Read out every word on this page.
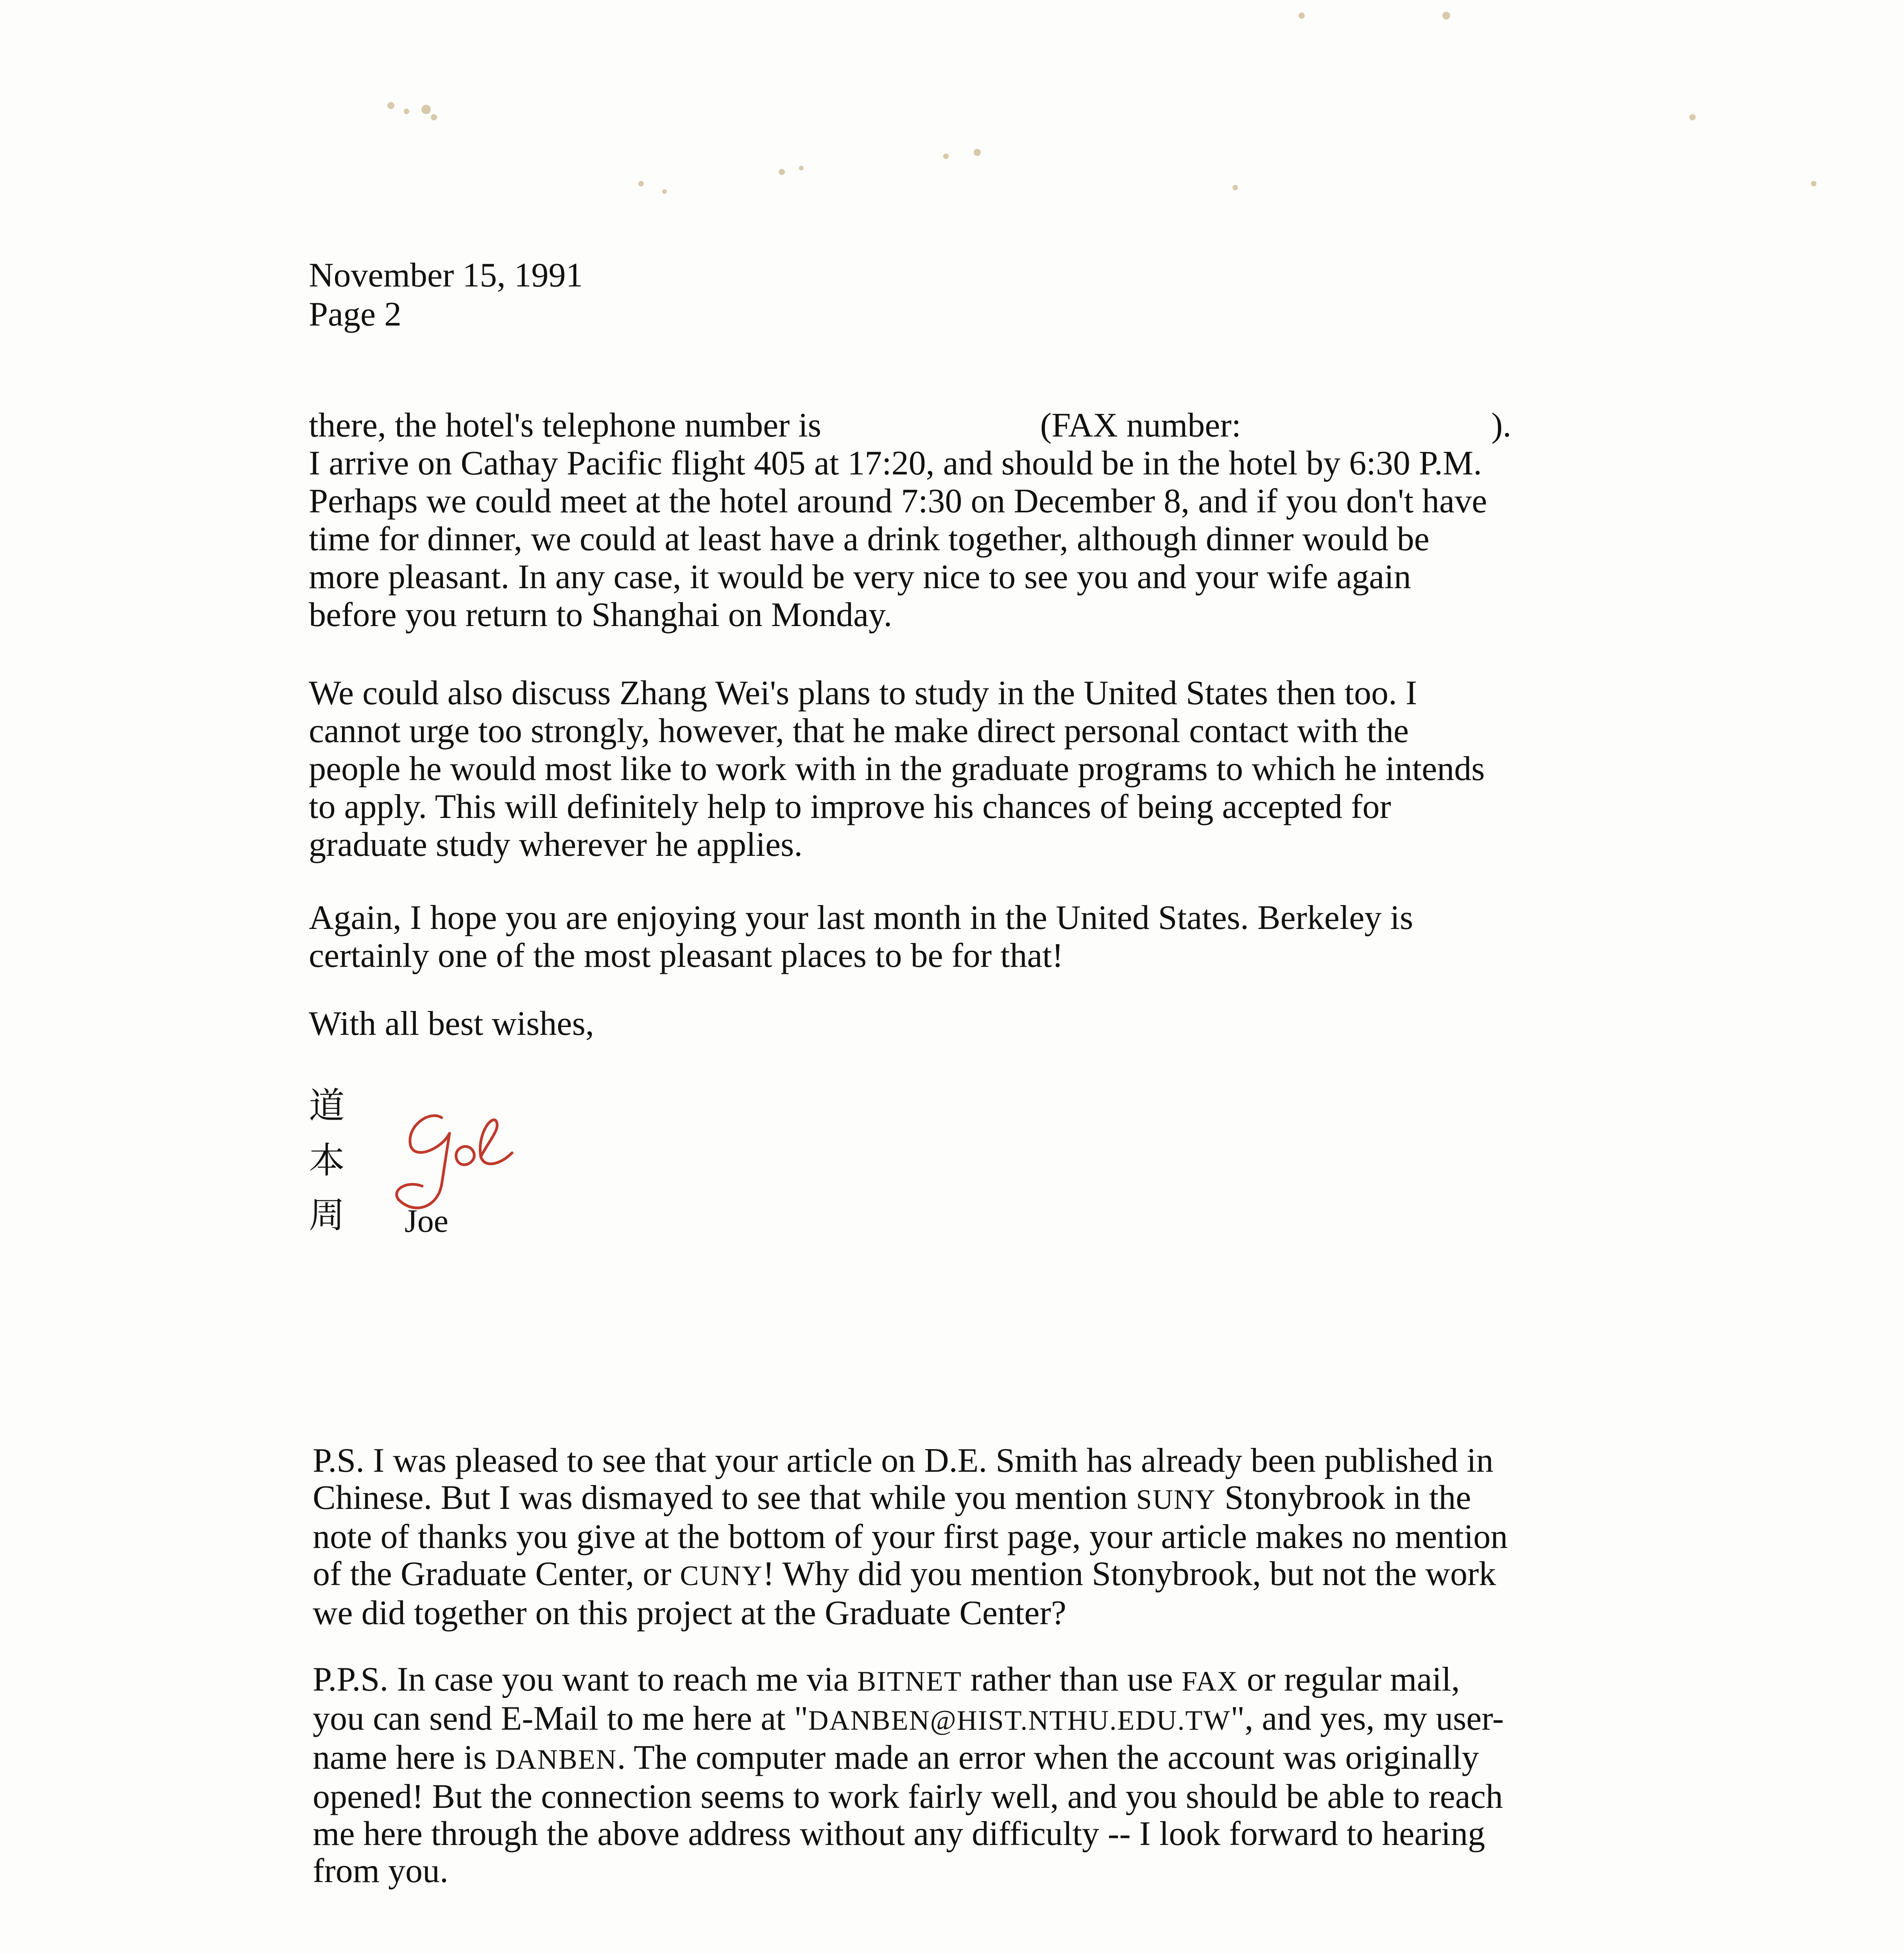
November 15, 1991
Page 2
there, the hotel's telephone number is	(FAX number:	).
I arrive on Cathay Pacific flight 405 at 17:20, and should be in the hotel by 6:30 P.M.
Perhaps we could meet at the hotel around 7:30 on December 8, and if you don't have
time for dinner, we could at least have a drink together, although dinner would be
more pleasant. In any case, it would be very nice to see you and your wife again
before you return to Shanghai on Monday.
We could also discuss Zhang Wei's plans to study in the United States then too. I
cannot urge too strongly, however, that he make direct personal contact with the
people he would most like to work with in the graduate programs to which he intends
to apply. This will definitely help to improve his chances of being accepted for
graduate study wherever he applies.
Again, I hope you are enjoying your last month in the United States. Berkeley is
certainly one of the most pleasant places to be for that!
With all best wishes,
道
本
周	Joe
P.S. I was pleased to see that your article on D.E. Smith has already been published in
Chinese. But I was dismayed to see that while you mention SUNY Stonybrook in the
note of thanks you give at the bottom of your first page, your article makes no mention
of the Graduate Center, or CUNY! Why did you mention Stonybrook, but not the work
we did together on this project at the Graduate Center?
P.P.S. In case you want to reach me via BITNET rather than use FAX or regular mail,
you can send E-Mail to me here at "DANBEN@HIST.NTHU.EDU.TW", and yes, my user-
name here is DANBEN. The computer made an error when the account was originally
opened! But the connection seems to work fairly well, and you should be able to reach
me here through the above address without any difficulty -- I look forward to hearing
from you.
